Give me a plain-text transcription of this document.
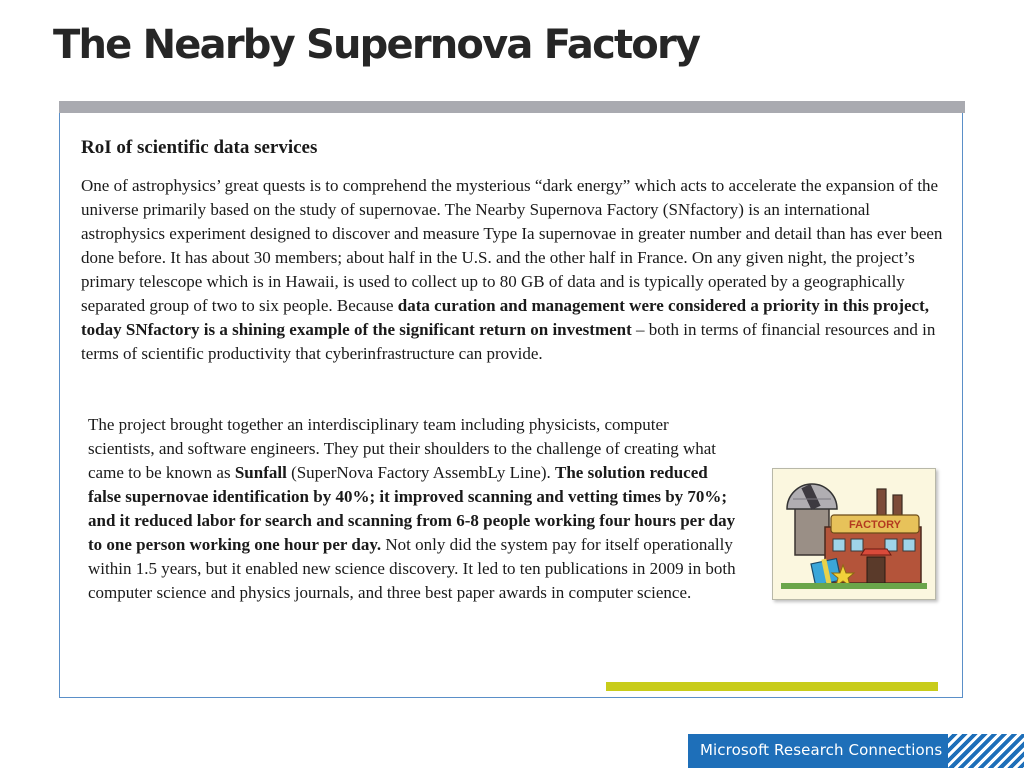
The Nearby Supernova Factory
RoI of scientific data services

One of astrophysics’ great quests is to comprehend the mysterious “dark energy” which acts to accelerate the expansion of the universe primarily based on the study of supernovae. The Nearby Supernova Factory (SNfactory) is an international astrophysics experiment designed to discover and measure Type Ia supernovae in greater number and detail than has ever been done before. It has about 30 members; about half in the U.S. and the other half in France. On any given night, the project’s primary telescope which is in Hawaii, is used to collect up to 80 GB of data and is typically operated by a geographically separated group of two to six people. Because data curation and management were considered a priority in this project, today SNfactory is a shining example of the significant return on investment – both in terms of financial resources and in terms of scientific productivity that cyberinfrastructure can provide.

The project brought together an interdisciplinary team including physicists, computer scientists, and software engineers. They put their shoulders to the challenge of creating what came to be known as Sunfall (SuperNova Factory AssembLy Line). The solution reduced false supernovae identification by 40%; it improved scanning and vetting times by 70%; and it reduced labor for search and scanning from 6-8 people working four hours per day to one person working one hour per day. Not only did the system pay for itself operationally within 1.5 years, but it enabled new science discovery. It led to ten publications in 2009 in both computer science and physics journals, and three best paper awards in computer science.

FACTORY
Microsoft Research Connections
